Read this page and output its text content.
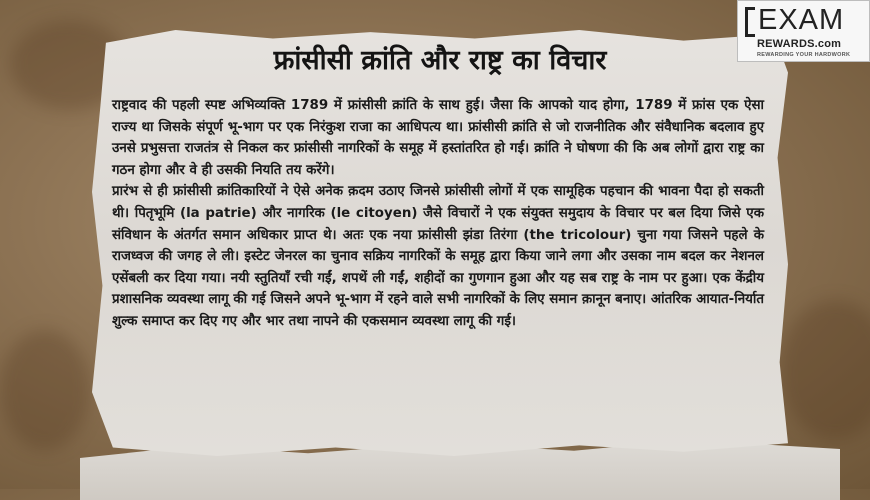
फ्रांसीसी क्रांति और राष्ट्र का विचार

राष्ट्रवाद की पहली स्पष्ट अभिव्यक्ति 1789 में फ्रांसीसी क्रांति के साथ हुई। जैसा कि आपको याद होगा, 1789 में फ्रांस एक ऐसा राज्य था जिसके संपूर्ण भू-भाग पर एक निरंकुश राजा का आधिपत्य था। फ्रांसीसी क्रांति से जो राजनीतिक और संवैधानिक बदलाव हुए उनसे प्रभुसत्ता राजतंत्र से निकल कर फ्रांसीसी नागरिकों के समूह में हस्तांतरित हो गई। क्रांति ने घोषणा की कि अब लोगों द्वारा राष्ट्र का गठन होगा और वे ही उसकी नियति तय करेंगे।

प्रारंभ से ही फ्रांसीसी क्रांतिकारियों ने ऐसे अनेक क़दम उठाए जिनसे फ्रांसीसी लोगों में एक सामूहिक पहचान की भावना पैदा हो सकती थी। पितृभूमि (la patrie) और नागरिक (le citoyen) जैसे विचारों ने एक संयुक्त समुदाय के विचार पर बल दिया जिसे एक संविधान के अंतर्गत समान अधिकार प्राप्त थे। अतः एक नया फ्रांसीसी झंडा तिरंगा (the tricolour) चुना गया जिसने पहले के राजध्वज की जगह ले ली। इस्टेट जेनरल का चुनाव सक्रिय नागरिकों के समूह द्वारा किया जाने लगा और उसका नाम बदल कर नेशनल एसेंबली कर दिया गया। नयी स्तुतियाँ रची गईं, शपथें ली गईं, शहीदों का गुणगान हुआ और यह सब राष्ट्र के नाम पर हुआ। एक केंद्रीय प्रशासनिक व्यवस्था लागू की गई जिसने अपने भू-भाग में रहने वाले सभी नागरिकों के लिए समान क़ानून बनाए। आंतरिक आयात-निर्यात शुल्क समाप्त कर दिए गए और भार तथा नापने की एकसमान व्यवस्था लागू की गई।

EXAM
REWARDS.com
REWARDING YOUR HARDWORK
